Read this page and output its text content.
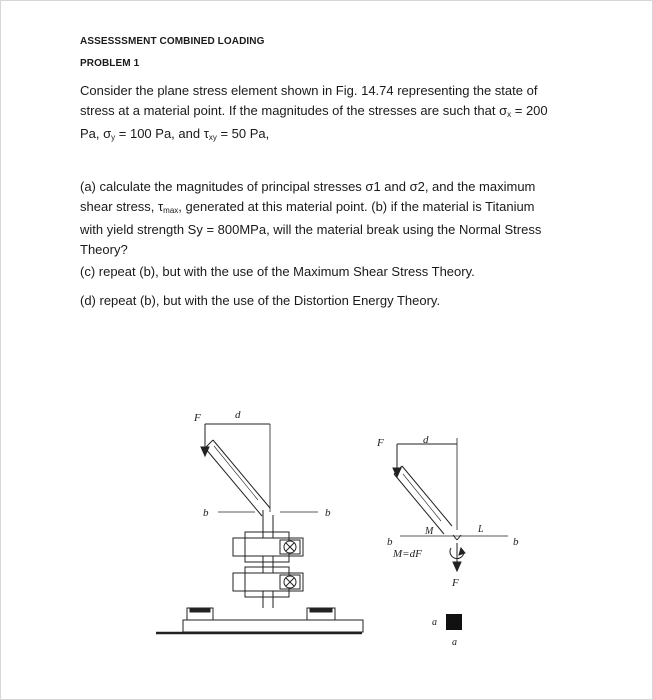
ASSESSSMENT COMBINED LOADING
PROBLEM 1
Consider the plane stress element shown in Fig. 14.74 representing the state of
stress at a material point. If the magnitudes of the stresses are such that $\sigma_x = 200$
Pa, $\sigma_y = 100$ Pa, and $\tau_{xy} = 50$ Pa,
(a) calculate the magnitudes of principal stresses σ1 and σ2, and the maximum
shear stress, $\tau_{max}$, generated at this material point. (b) if the material is Titanium
with yield strength Sy = 800MPa, will the material break using the Normal Stress
Theory?
(c) repeat (b), but with the use of the Maximum Shear Stress Theory.
(d) repeat (b), but with the use of the Distortion Energy Theory.
F	d
b	b
F	d
b	b
M	L
M=dF
F
a
a
